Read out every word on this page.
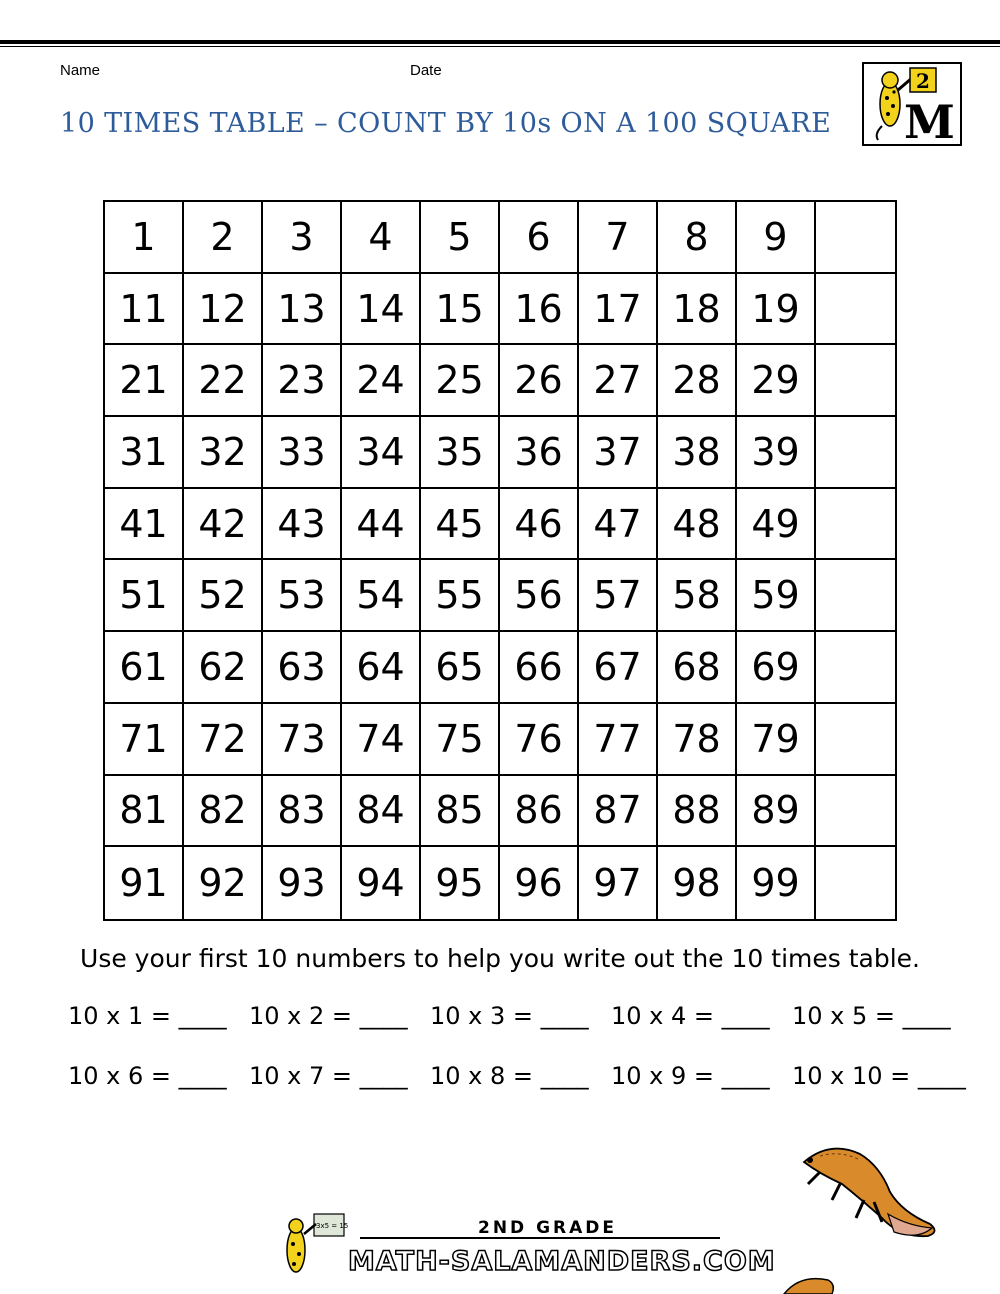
Name	Date
10 TIMES TABLE – COUNT BY 10s ON A 100 SQUARE
2
M
1	2	3	4	5	6	7	8	9
11 12 13 14 15 16 17 18 19
21 22 23 24 25 26 27 28 29
31 32 33 34 35 36 37 38 39
41 42 43 44 45 46 47 48 49
51 52 53 54 55 56 57 58 59
61 62 63 64 65 66 67 68 69
71 72 73 74 75 76 77 78 79
81 82 83 84 85 86 87 88 89
91 92 93 94 95 96 97 98 99
Use your first 10 numbers to help you write out the 10 times table.
10 x 1 = ____ 10 x 2 = ____ 10 x 3 = ____ 10 x 4 = ____ 10 x 5 = ____
10 x 6 = ____ 10 x 7 = ____ 10 x 8 = ____ 10 x 9 = ____ 10 x 10 = ____
3x5 = 15	2ND GRADE
MATH-SALAMANDERS.COM
